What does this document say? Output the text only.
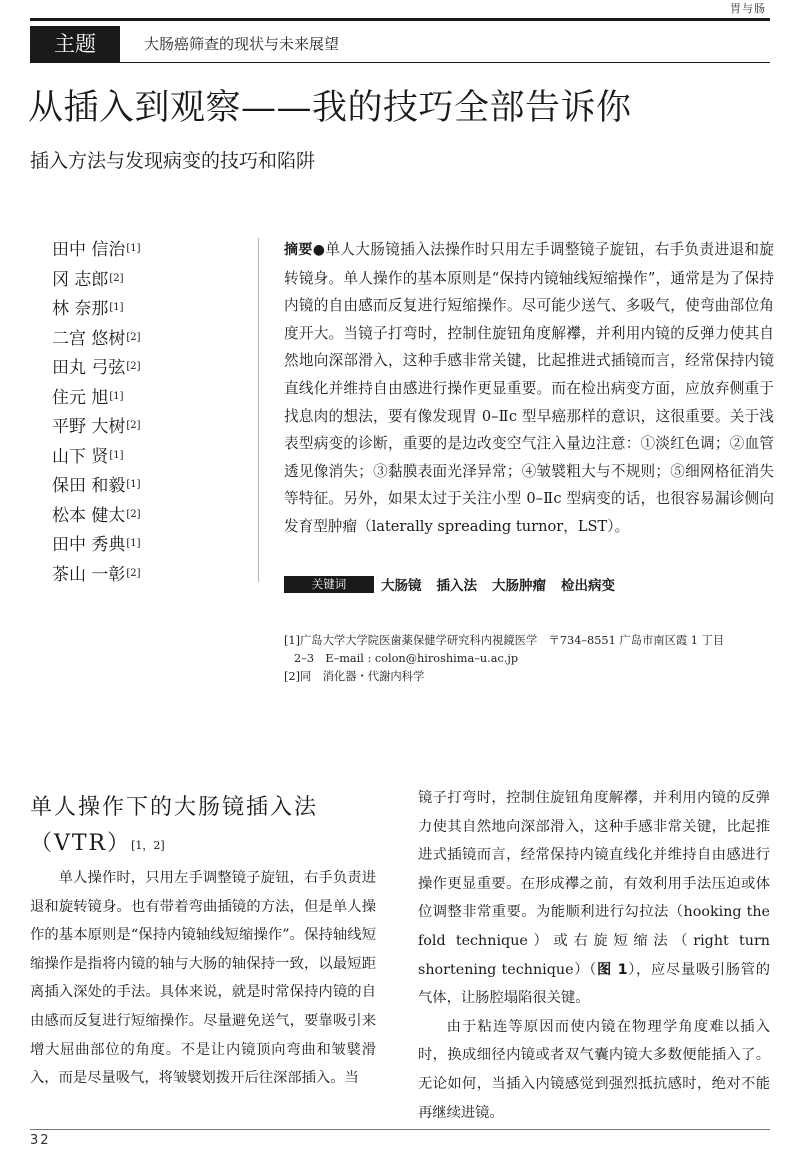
胃与肠
主题	大肠癌筛查的现状与未来展望
从插入到观察——我的技巧全部告诉你
插入方法与发现病变的技巧和陷阱
田中 信治[1]
冈 志郎[2]
林 奈那[1]
二宫 悠树[2]
田丸 弓弦[2]
住元 旭[1]
平野 大树[2]
山下 贤[1]
保田 和毅[1]
松本 健太[2]
田中 秀典[1]
茶山 一彰[2]
摘要●单人大肠镜插入法操作时只用左手调整镜子旋钮，右手负责进退和旋转镜身。单人操作的基本原则是“保持内镜轴线短缩操作”，通常是为了保持内镜的自由感而反复进行短缩操作。尽可能少送气、多吸气，使弯曲部位角度开大。当镜子打弯时，控制住旋钮角度解襻，并利用内镜的反弹力使其自然地向深部滑入，这种手感非常关键，比起推进式插镜而言，经常保持内镜直线化并维持自由感进行操作更显重要。而在检出病变方面，应放弃侧重于找息肉的想法，要有像发现胃 0–Ⅱc 型早癌那样的意识，这很重要。关于浅表型病变的诊断，重要的是边改变空气注入量边注意：①淡红色调；②血管透见像消失；③黏膜表面光泽异常；④皱襞粗大与不规则；⑤细网格征消失等特征。另外，如果太过于关注小型 0–Ⅱc 型病变的话，也很容易漏诊侧向发育型肿瘤（laterally spreading turnor，LST）。
关键词	大肠镜 插入法 大肠肿瘤 检出病变
[1]广岛大学大学院医歯薬保健学研究科内視鏡医学　〒734–8551 广岛市南区霞 1 丁目
2–3　E–mail : colon@hiroshima–u.ac.jp
[2]同　消化器・代謝内科学
单人操作下的大肠镜插入法
（VTR）[1，2]

单人操作时，只用左手调整镜子旋钮，右手负责进退和旋转镜身。也有带着弯曲插镜的方法，但是单人操作的基本原则是“保持内镜轴线短缩操作”。保持轴线短缩操作是指将内镜的轴与大肠的轴保持一致，以最短距离插入深处的手法。具体来说，就是时常保持内镜的自由感而反复进行短缩操作。尽量避免送气，要靠吸引来增大屈曲部位的角度。不是让内镜顶向弯曲和皱襞滑入，而是尽量吸气，将皱襞划拨开后往深部插入。当

镜子打弯时，控制住旋钮角度解襻，并利用内镜的反弹力使其自然地向深部滑入，这种手感非常关键，比起推进式插镜而言，经常保持内镜直线化并维持自由感进行操作更显重要。在形成襻之前，有效利用手法压迫或体位调整非常重要。为能顺利进行勾拉法（hooking the fold technique）或右旋短缩法（right turn shortening technique）（图 1），应尽量吸引肠管的气体，让肠腔塌陷很关键。

由于粘连等原因而使内镜在物理学角度难以插入时，换成细径内镜或者双气囊内镜大多数便能插入了。无论如何，当插入内镜感觉到强烈抵抗感时，绝对不能再继续进镜。

32
